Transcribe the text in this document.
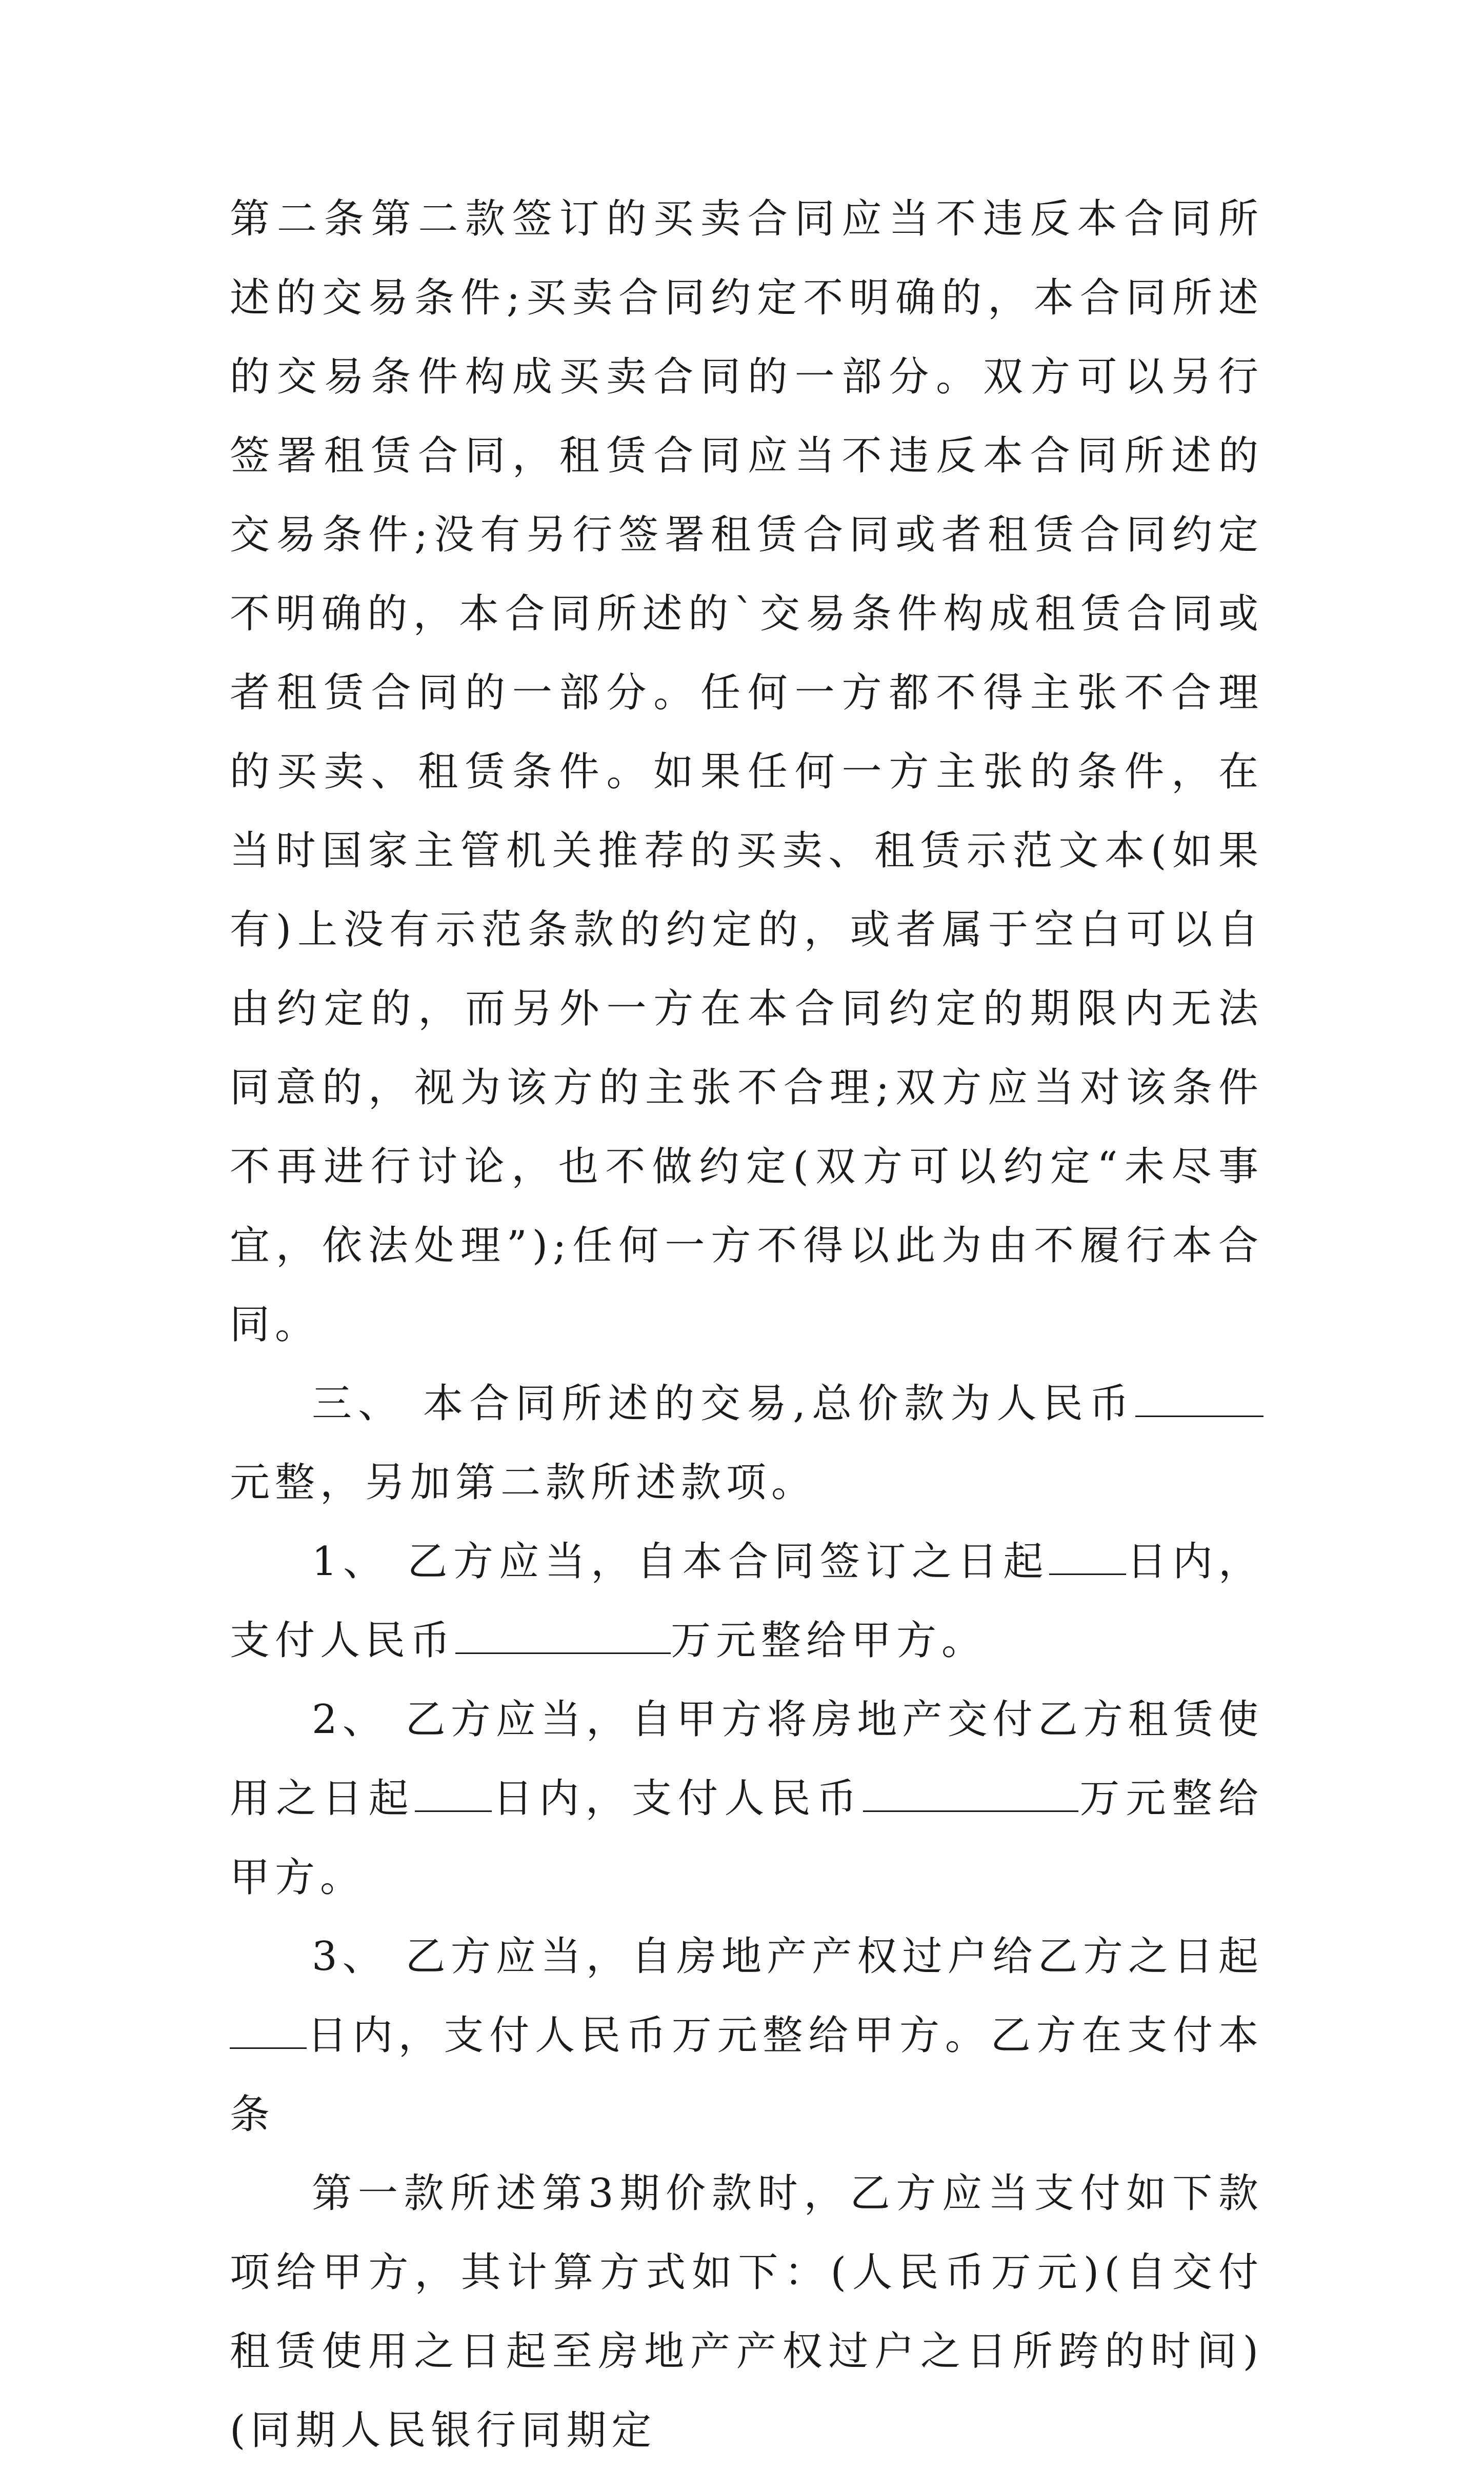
第二条第二款签订的买卖合同应当不违反本合同所述的交易条件;买卖合同约定不明确的，本合同所述的交易条件构成买卖合同的一部分。双方可以另行签署租赁合同，租赁合同应当不违反本合同所述的交易条件;没有另行签署租赁合同或者租赁合同约定不明确的，本合同所述的`交易条件构成租赁合同或者租赁合同的一部分。任何一方都不得主张不合理的买卖、租赁条件。如果任何一方主张的条件，在当时国家主管机关推荐的买卖、租赁示范文本(如果有)上没有示范条款的约定的，或者属于空白可以自由约定的，而另外一方在本合同约定的期限内无法同意的，视为该方的主张不合理;双方应当对该条件不再进行讨论，也不做约定(双方可以约定“未尽事宜，依法处理”);任何一方不得以此为由不履行本合同。

三、 本合同所述的交易,总价款为人民币元整，另加第二款所述款项。

1、 乙方应当，自本合同签订之日起 日内，支付人民币	万元整给甲方。

2、 乙方应当，自甲方将房地产交付乙方租赁使用之日起 日内，支付人民币	万元整给甲方。

3、 乙方应当，自房地产产权过户给乙方之日起日内，支付人民币万元整给甲方。乙方在支付本条

第一款所述第3期价款时，乙方应当支付如下款项给甲方，其计算方式如下：(人民币万元)(自交付租赁使用之日起至房地产产权过户之日所跨的时间)(同期人民银行同期定
